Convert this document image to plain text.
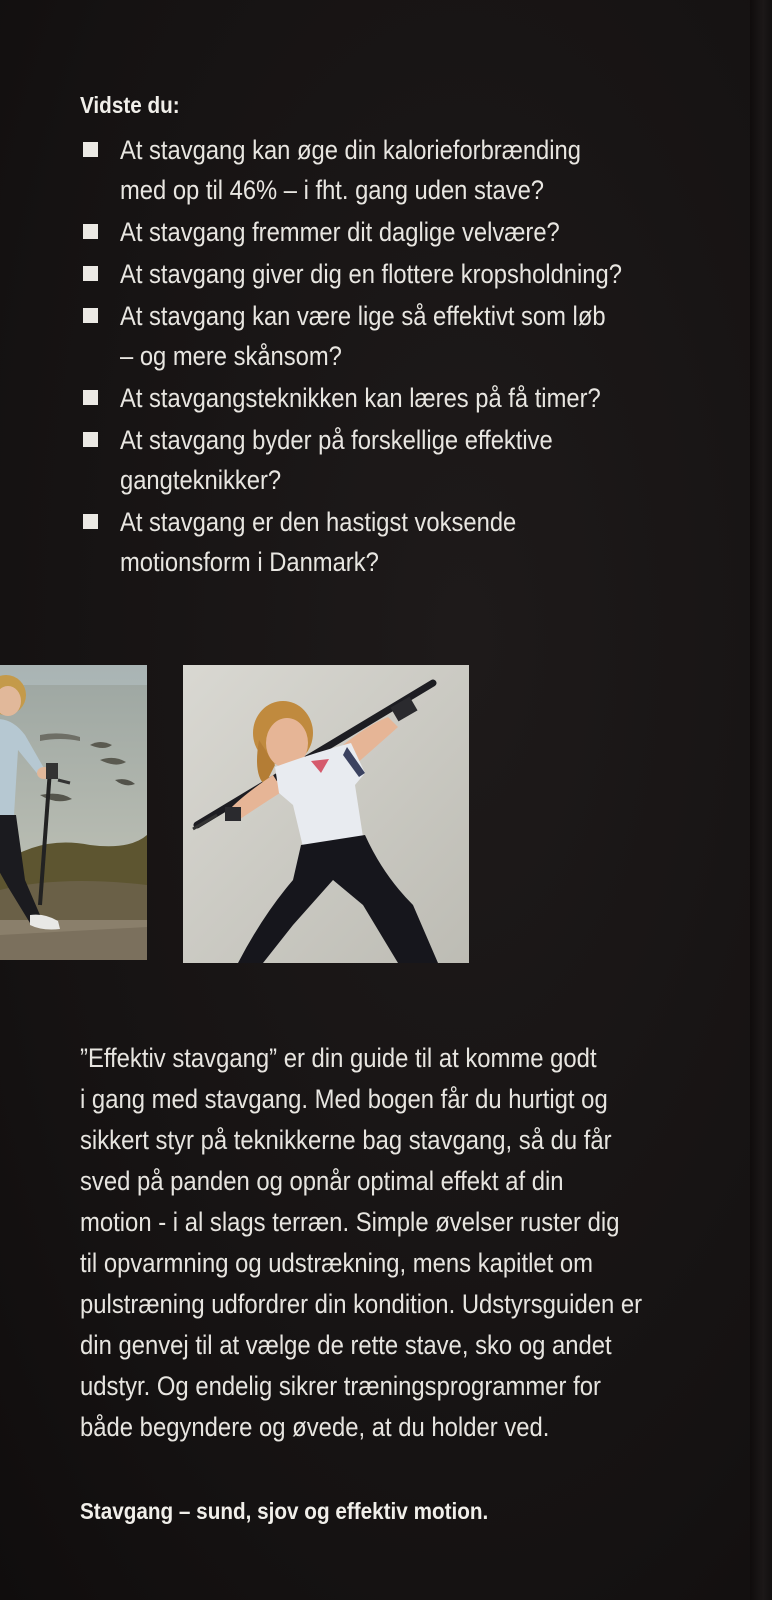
Vidste du:
At stavgang kan øge din kalorieforbrænding
med op til 46% – i fht. gang uden stave?
At stavgang fremmer dit daglige velvære?
At stavgang giver dig en flottere kropsholdning?
At stavgang kan være lige så effektivt som løb
– og mere skånsom?
At stavgangsteknikken kan læres på få timer?
At stavgang byder på forskellige effektive
gangteknikker?
At stavgang er den hastigst voksende
motionsform i Danmark?
”Effektiv stavgang” er din guide til at komme godt
i gang med stavgang. Med bogen får du hurtigt og
sikkert styr på teknikkerne bag stavgang, så du får
sved på panden og opnår optimal effekt af din
motion - i al slags terræn. Simple øvelser ruster dig
til opvarmning og udstrækning, mens kapitlet om
pulstræning udfordrer din kondition. Udstyrsguiden er
din genvej til at vælge de rette stave, sko og andet
udstyr. Og endelig sikrer træningsprogrammer for
både begyndere og øvede, at du holder ved.
Stavgang – sund, sjov og effektiv motion.
